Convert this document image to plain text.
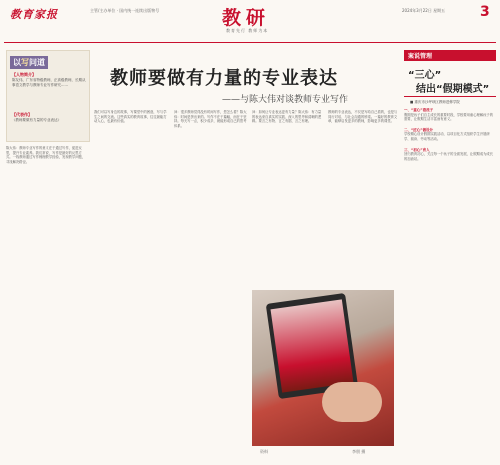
教育家报	主管/主办单位 · 国内统一连续出版物号	教研
教育先行 教师为本
2024年3月22日 星期五	3
以写问道
【人物简介】
陈友伟，广东省特级教师，正高级教师，长期从事语文教学与教师专业写作研究……
【代表作】
《教师要做有力量的专业表达》
教师要做有力量的专业表达
——与陈大伟对谈教师专业写作
陈大伟：教师专业写作的意义在于通过写作，促进反思，提升专业素养。我们常说，写作是最好的反思方式。一线教师通过写作梳理教学经验，发现教学问题，寻找解决路径。
我们可以写身边的故事，写课堂中的困惑，写与学生之间的交流。这些真实的教育故事，往往最能打动人心，也最有价值。
问：很多教师觉得没有时间写作，您怎么看？陈大伟：时间是挤出来的。写作不在于篇幅，而在于坚持。每天写一点，积少成多，就能形成自己的思考体系。
问：如何让专业表达更有力量？陈大伟：有力量的表达来自真实的实践、深入的思考和清晰的逻辑。要言之有物、言之有据、言之有理。
教师的专业表达，不仅是写给自己看的，也是与同行对话、与社会沟通的桥梁。一篇好的教育文章，能够启发更多的教师，影响更多的课堂。
资料	李朋 摄
案说管理
“三心”
结出“假期模式”
■ 重庆市沙坪坝区教师进修学院
一、“童心”看孩子
假期是孩子们自主成长的重要时段，学校要用童心理解孩子的需要，让假期生活丰富而有意义。
二、“匠心”做设计
学校精心设计假期实践活动，以项目化方式组织学生开展研学、阅读、劳动等活动。
三、“初心”育人
回归教育初心，关注每一个孩子的全面发展，让假期成为成长的加油站。
